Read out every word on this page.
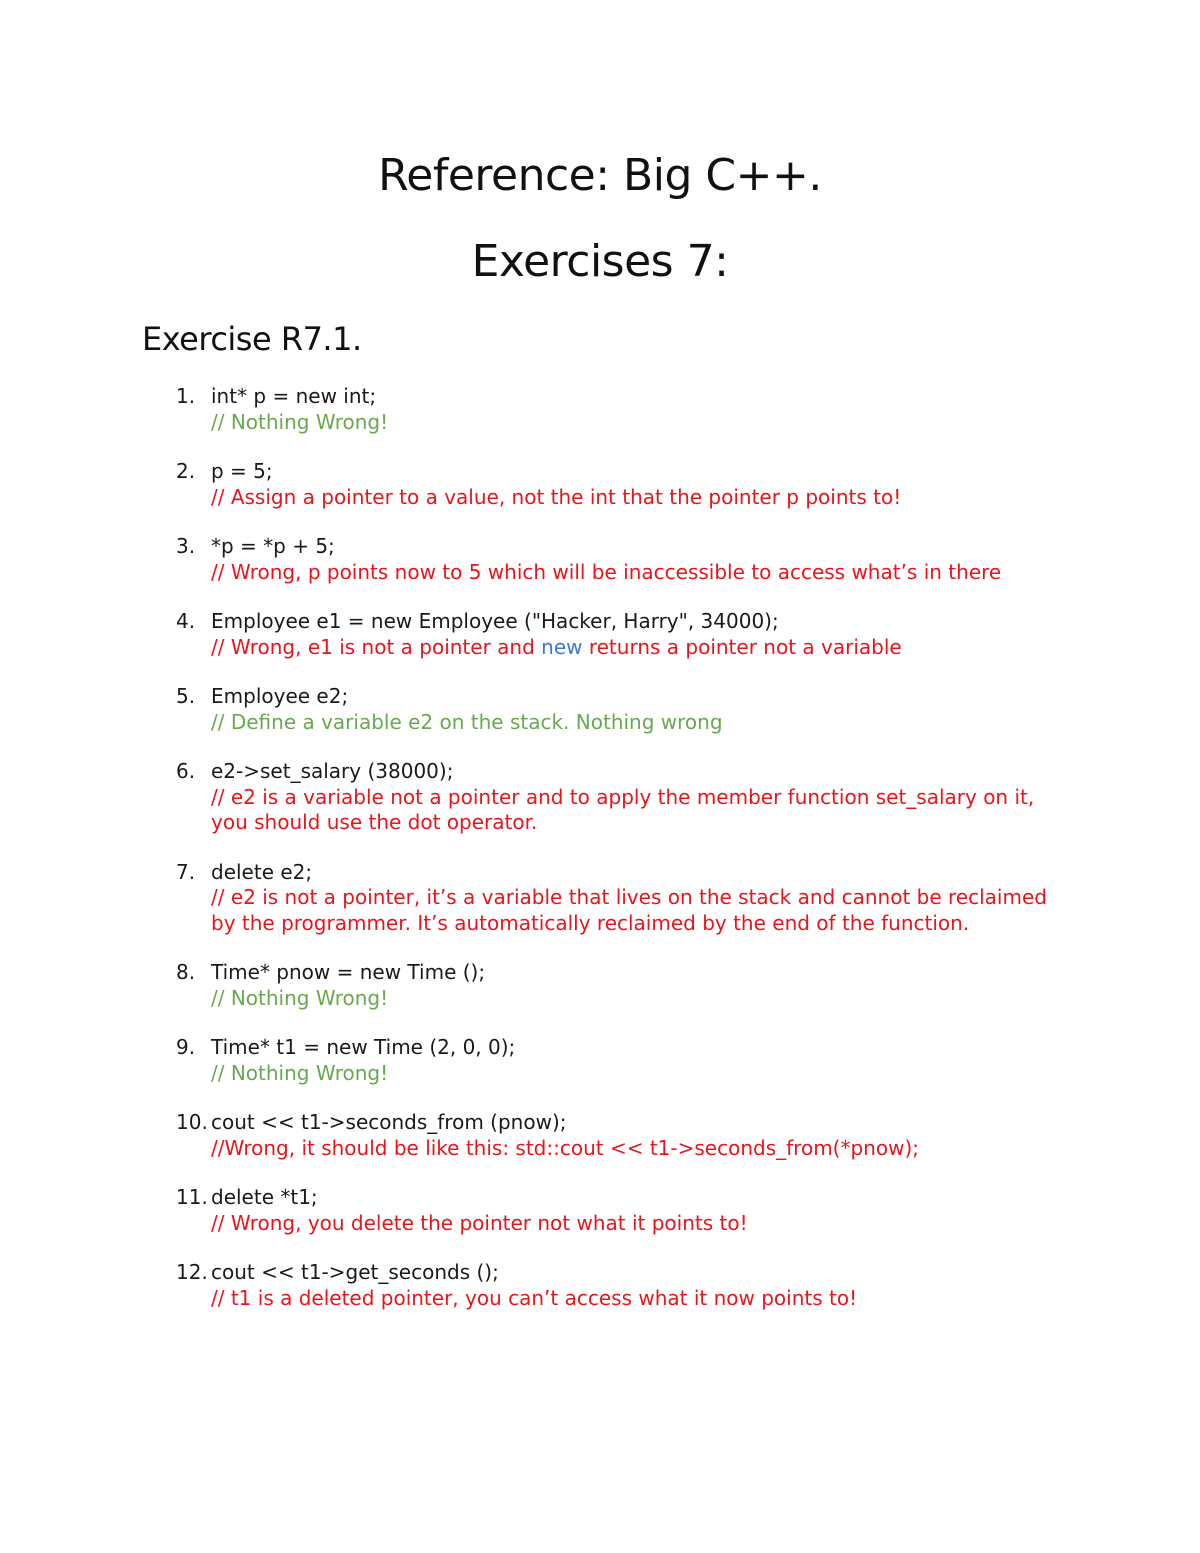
Reference: Big C++.
Exercises 7:
Exercise R7.1.
1. int* p = new int;
// Nothing Wrong!
2. p = 5;
// Assign a pointer to a value, not the int that the pointer p points to!
3. *p = *p + 5;
// Wrong, p points now to 5 which will be inaccessible to access what’s in there
4. Employee e1 = new Employee ("Hacker, Harry", 34000);
// Wrong, e1 is not a pointer and new returns a pointer not a variable
5. Employee e2;
// Define a variable e2 on the stack. Nothing wrong
6. e2->set_salary (38000);
// e2 is a variable not a pointer and to apply the member function set_salary on it, you should use the dot operator.
7. delete e2;
// e2 is not a pointer, it’s a variable that lives on the stack and cannot be reclaimed by the programmer. It’s automatically reclaimed by the end of the function.
8. Time* pnow = new Time ();
// Nothing Wrong!
9. Time* t1 = new Time (2, 0, 0);
// Nothing Wrong!
10. cout << t1->seconds_from (pnow);
//Wrong, it should be like this: std::cout << t1->seconds_from(*pnow);
11. delete *t1;
// Wrong, you delete the pointer not what it points to!
12. cout << t1->get_seconds ();
// t1 is a deleted pointer, you can’t access what it now points to!
